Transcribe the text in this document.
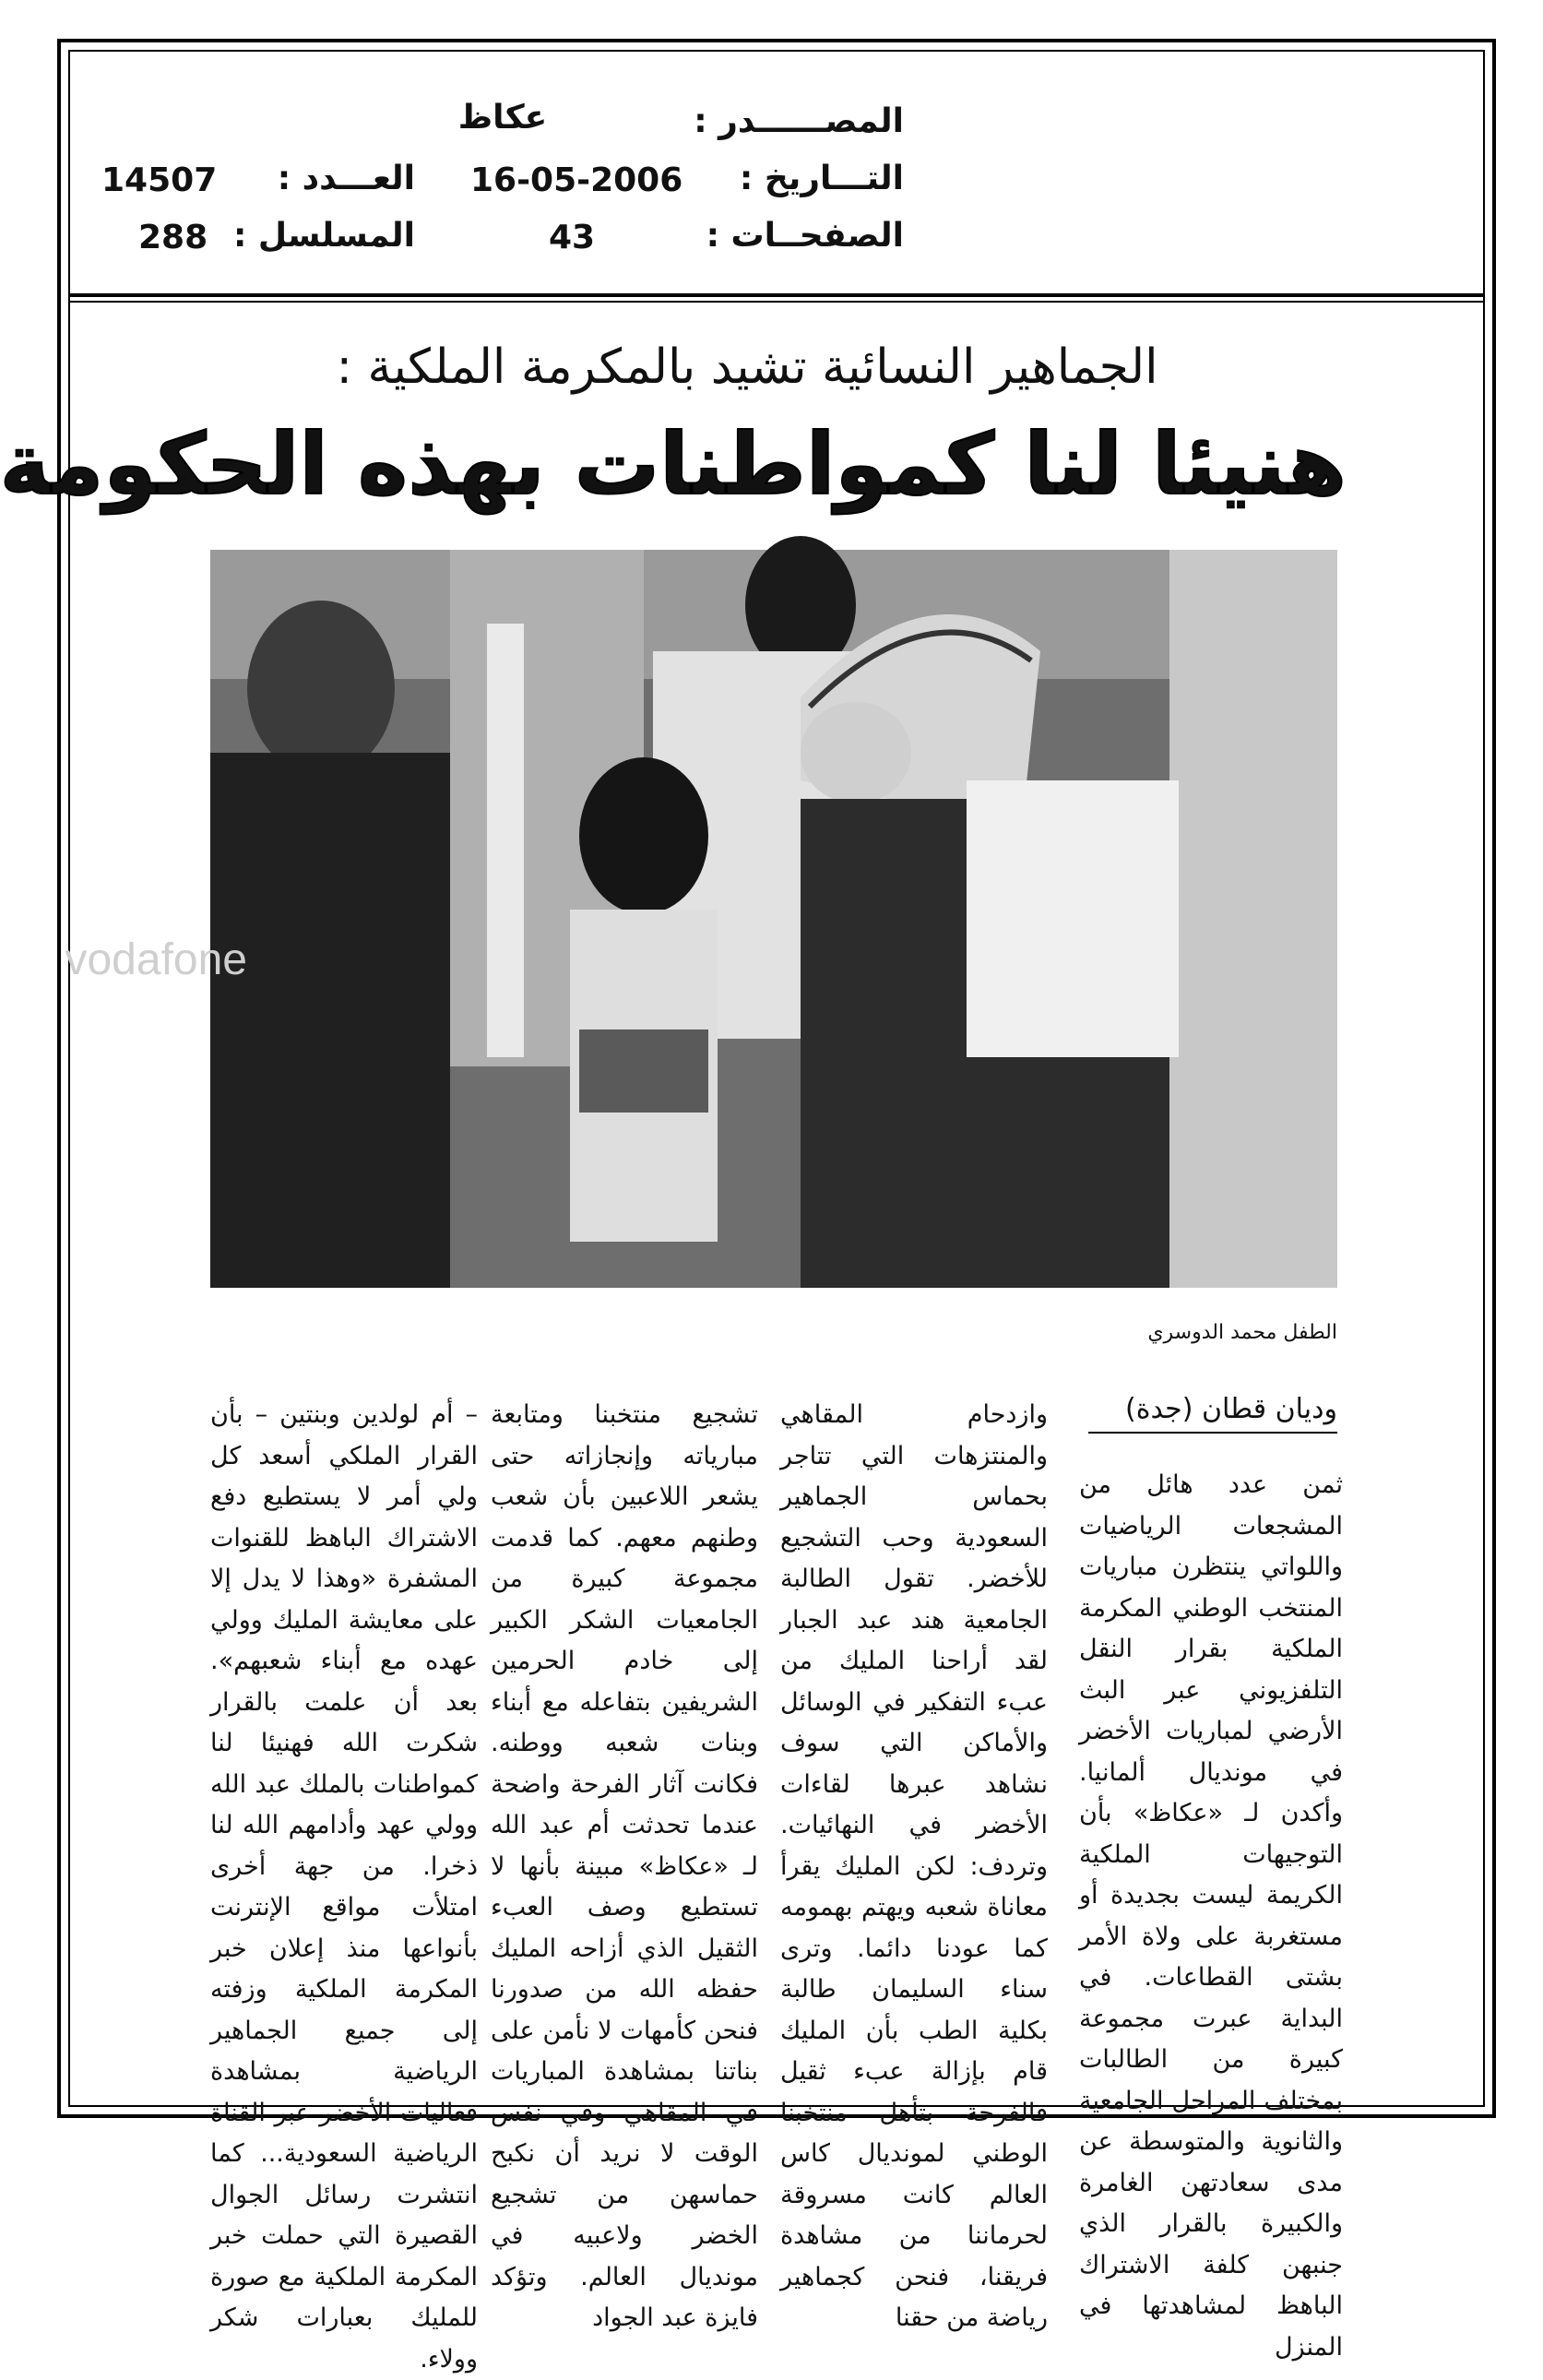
المصــــــدر :
عكاظ
التـــاريخ :
16-05-2006
العـــدد :
14507
الصفحــات :
43
المسلسل :
288
الجماهير النسائية تشيد بالمكرمة الملكية :
هنيئا لنا كمواطنات بهذه الحكومة
vodafone
الطفل محمد الدوسري
وديان قطان (جدة)

ثمن عدد هائل من المشجعات الرياضيات واللواتي ينتظرن مباريات المنتخب الوطني المكرمة الملكية بقرار النقل التلفزيوني عبر البث الأرضي لمباريات الأخضر في مونديال ألمانيا. وأكدن لـ «عكاظ» بأن التوجيهات الملكية الكريمة ليست بجديدة أو مستغربة على ولاة الأمر بشتى القطاعات. في البداية عبرت مجموعة كبيرة من الطالبات بمختلف المراحل الجامعية والثانوية والمتوسطة عن مدى سعادتهن الغامرة والكبيرة بالقرار الذي جنبهن كلفة الاشتراك الباهظ لمشاهدتها في المنزل

وازدحام المقاهي والمنتزهات التي تتاجر بحماس الجماهير السعودية وحب التشجيع للأخضر. تقول الطالبة الجامعية هند عبد الجبار لقد أراحنا المليك من عبء التفكير في الوسائل والأماكن التي سوف نشاهد عبرها لقاءات الأخضر في النهائيات. وتردف: لكن المليك يقرأ معاناة شعبه ويهتم بهمومه كما عودنا دائما. وترى سناء السليمان طالبة بكلية الطب بأن المليك قام بإزالة عبء ثقيل فالفرحة بتأهل منتخبنا الوطني لمونديال كاس العالم كانت مسروقة لحرماننا من مشاهدة فريقنا، فنحن كجماهير رياضة من حقنا

تشجيع منتخبنا ومتابعة مبارياته وإنجازاته حتى يشعر اللاعبين بأن شعب وطنهم معهم. كما قدمت مجموعة كبيرة من الجامعيات الشكر الكبير إلى خادم الحرمين الشريفين بتفاعله مع أبناء وبنات شعبه ووطنه. فكانت آثار الفرحة واضحة عندما تحدثت أم عبد الله لـ «عكاظ» مبينة بأنها لا تستطيع وصف العبء الثقيل الذي أزاحه المليك حفظه الله من صدورنا فنحن كأمهات لا نأمن على بناتنا بمشاهدة المباريات في المقاهي وفي نفس الوقت لا نريد أن نكبح حماسهن من تشجيع الخضر ولاعبيه في مونديال العالم. وتؤكد فايزة عبد الجواد

– أم لولدين وبنتين – بأن القرار الملكي أسعد كل ولي أمر لا يستطيع دفع الاشتراك الباهظ للقنوات المشفرة «وهذا لا يدل إلا على معايشة المليك وولي عهده مع أبناء شعبهم». بعد أن علمت بالقرار شكرت الله فهنيئا لنا كمواطنات بالملك عبد الله وولي عهد وأدامهم الله لنا ذخرا. من جهة أخرى امتلأت مواقع الإنترنت بأنواعها منذ إعلان خبر المكرمة الملكية وزفته إلى جميع الجماهير الرياضية بمشاهدة فعاليات الأخضر عبر القناة الرياضية السعودية... كما انتشرت رسائل الجوال القصيرة التي حملت خبر المكرمة الملكية مع صورة للمليك بعبارات شكر وولاء.
